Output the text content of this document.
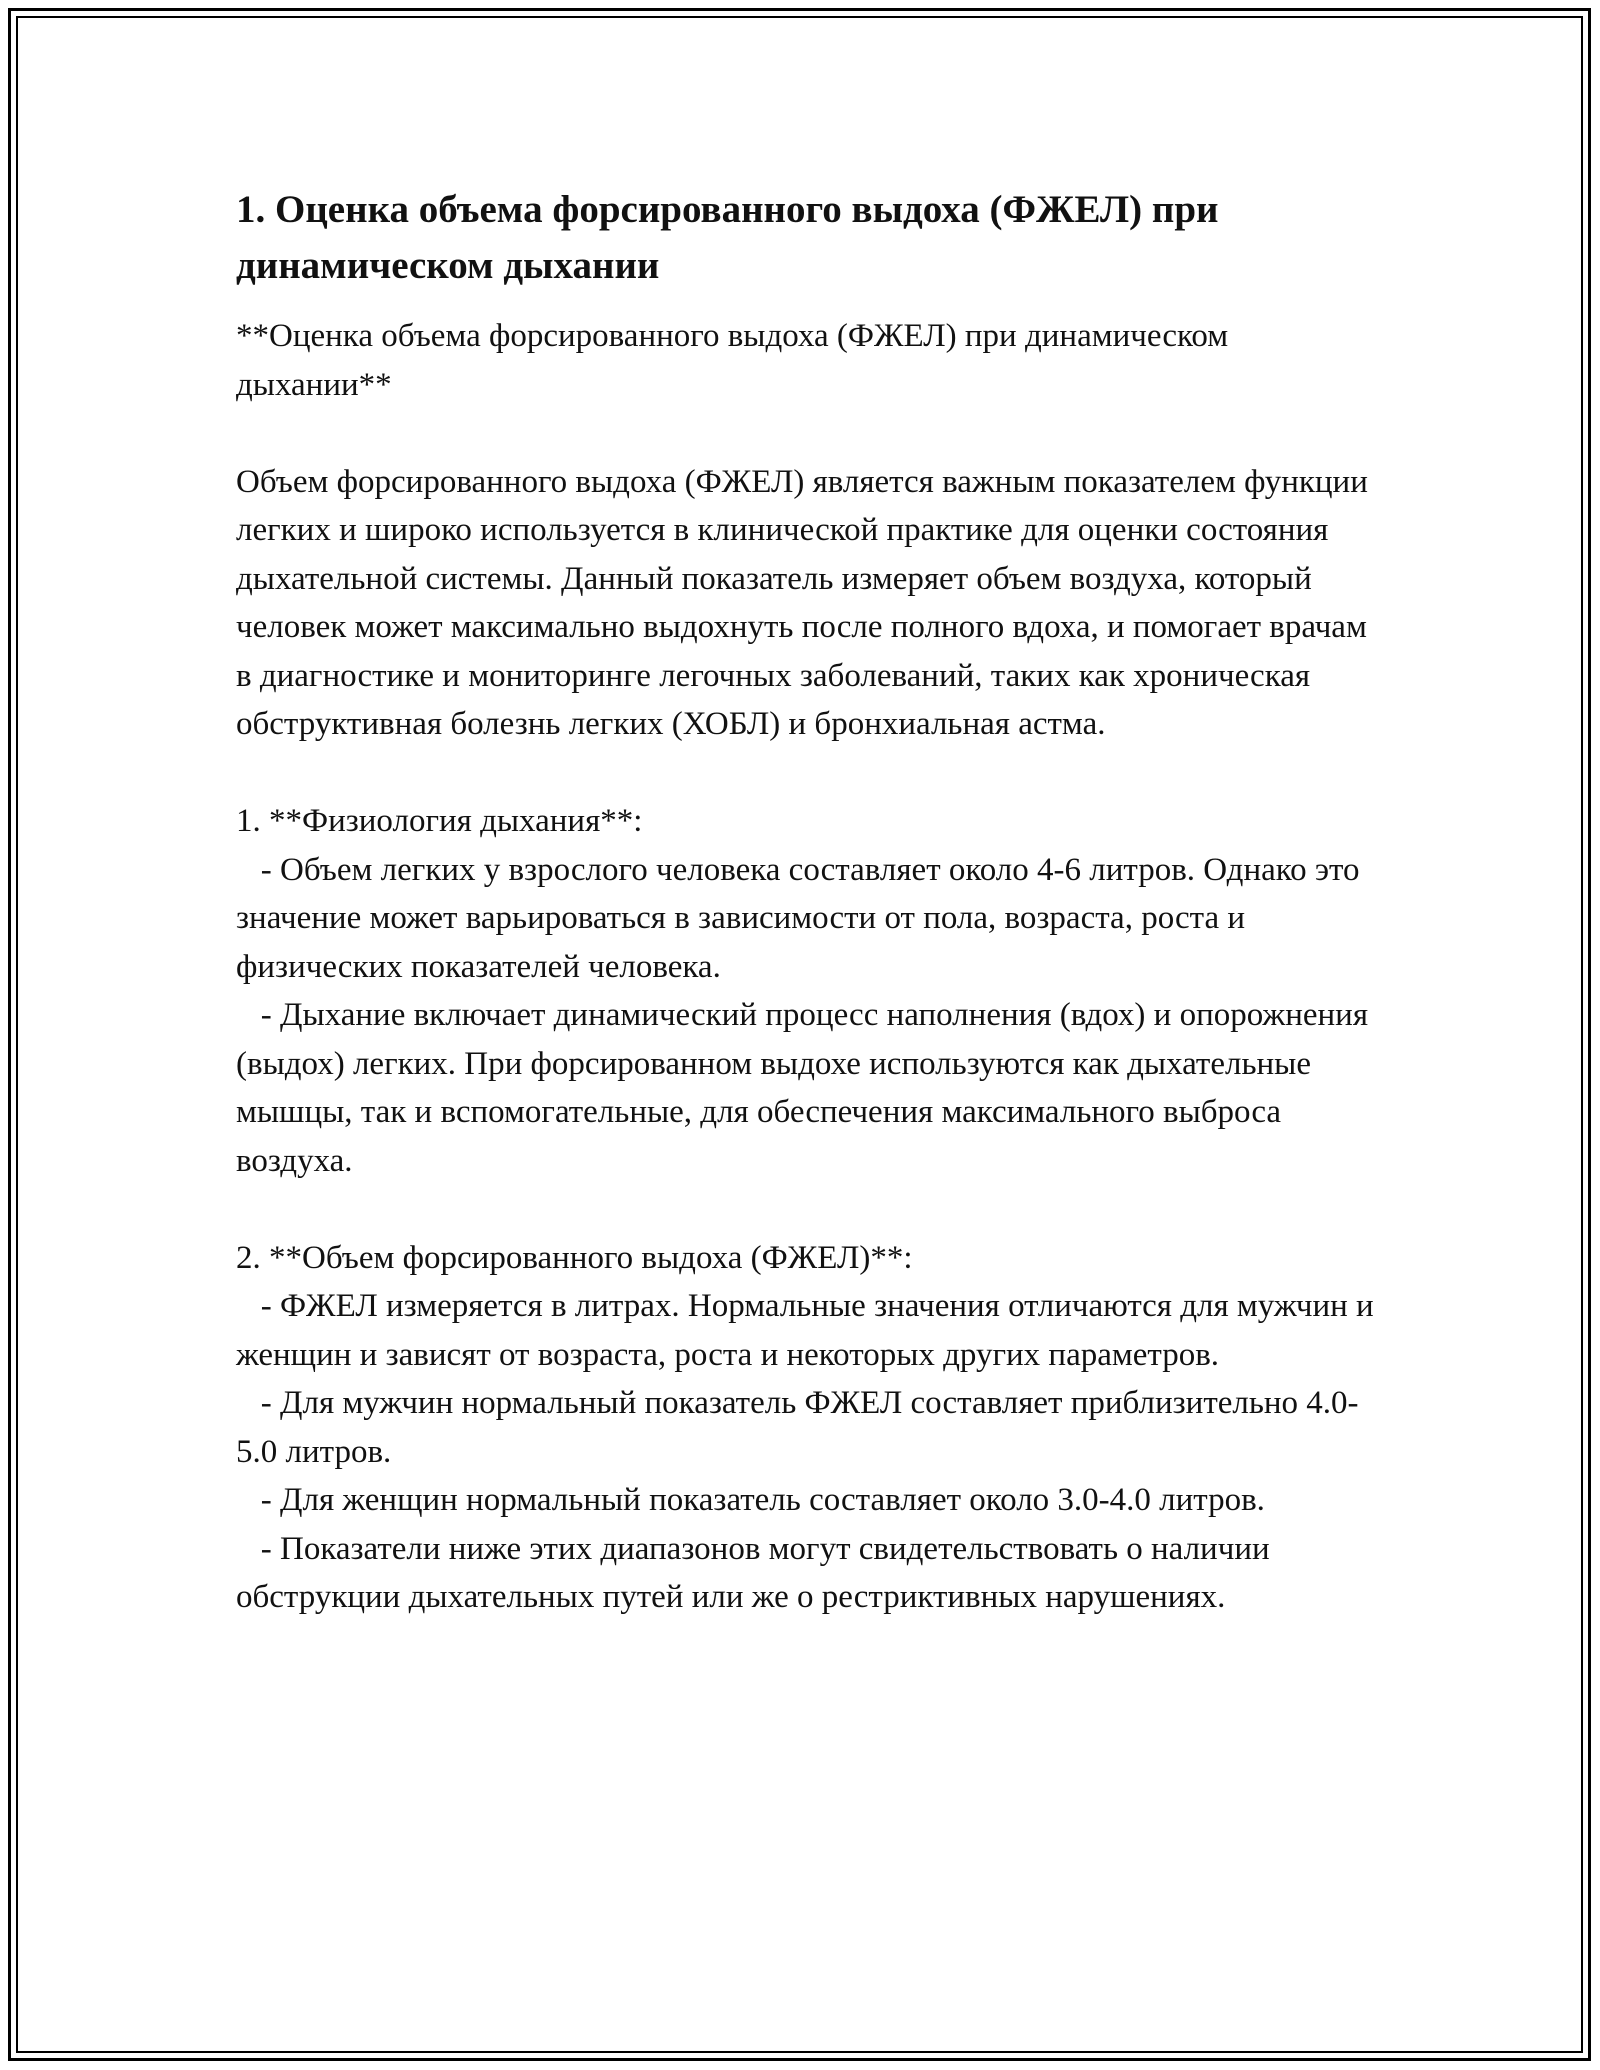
1. Оценка объема форсированного выдоха (ФЖЕЛ) при динамическом дыхании

**Оценка объема форсированного выдоха (ФЖЕЛ) при динамическом дыхании**

Объем форсированного выдоха (ФЖЕЛ) является важным показателем функции легких и широко используется в клинической практике для оценки состояния дыхательной системы. Данный показатель измеряет объем воздуха, который человек может максимально выдохнуть после полного вдоха, и помогает врачам в диагностике и мониторинге легочных заболеваний, таких как хроническая обструктивная болезнь легких (ХОБЛ) и бронхиальная астма.

1. **Физиология дыхания**:

- Объем легких у взрослого человека составляет около 4-6 литров. Однако это значение может варьироваться в зависимости от пола, возраста, роста и физических показателей человека.

- Дыхание включает динамический процесс наполнения (вдох) и опорожнения (выдох) легких. При форсированном выдохе используются как дыхательные мышцы, так и вспомогательные, для обеспечения максимального выброса воздуха.

2. **Объем форсированного выдоха (ФЖЕЛ)**:

- ФЖЕЛ измеряется в литрах. Нормальные значения отличаются для мужчин и женщин и зависят от возраста, роста и некоторых других параметров.

- Для мужчин нормальный показатель ФЖЕЛ составляет приблизительно 4.0-5.0 литров.

- Для женщин нормальный показатель составляет около 3.0-4.0 литров.

- Показатели ниже этих диапазонов могут свидетельствовать о наличии обструкции дыхательных путей или же о рестриктивных нарушениях.
